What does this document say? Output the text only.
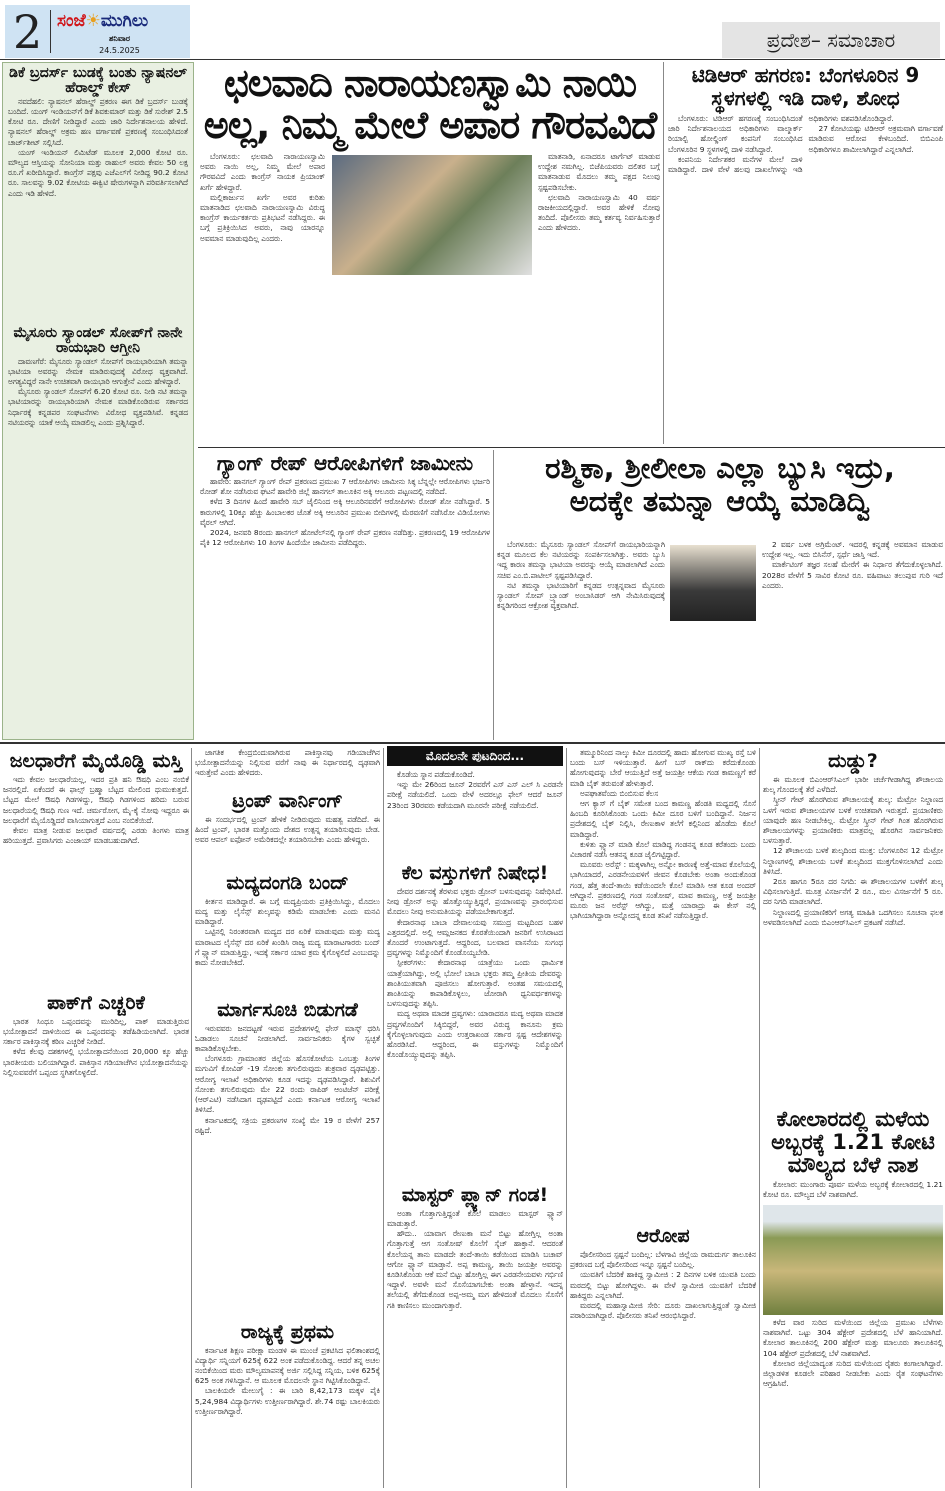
2 ಸಂಜೆ☀ಮುಗಿಲು
ಶನಿವಾರ
24.5.2025	ಪ್ರದೇಶ– ಸಮಾಚಾರ
ಡಿಕೆ ಬ್ರದರ್ಸ್ ಬುಡಕ್ಕೆ ಬಂತು ನ್ಯಾಷನಲ್ ಹೆರಾಲ್ಡ್ ಕೇಸ್

ನವದೆಹಲಿ: ನ್ಯಾಷನಲ್ ಹೆರಾಲ್ಡ್ ಪ್ರಕರಣ ಈಗ ಡಿಕೆ ಬ್ರದರ್ಸ್ ಬುಡಕ್ಕೆ ಬಂದಿದೆ. ಯಂಗ್ ಇಂಡಿಯನ್‌ಗೆ ಡಿಕೆ ಶಿವಕುಮಾರ್ ಮತ್ತು ಡಿಕೆ ಸುರೇಶ್ 2.5 ಕೋಟಿ ರೂ. ದೇಣಿಗೆ ನೀಡಿದ್ದಾರೆ ಎಂದು ಜಾರಿ ನಿರ್ದೇಶನಾಲಯ ಹೇಳಿದೆ. ನ್ಯಾಷನಲ್ ಹೆರಾಲ್ಡ್ ಅಕ್ರಮ ಹಣ ವರ್ಗಾವಣೆ ಪ್ರಕರಣಕ್ಕೆ ಸಂಬಂಧಿಸಿದಂತೆ ಚಾರ್ಜ್‌ಶೀಟ್ ಸಲ್ಲಿಸಿದೆ.

ಯಂಗ್ ಇಂಡಿಯನ್ ಲಿಮಿಟೆಡ್ ಮೂಲಕ 2,000 ಕೋಟಿ ರೂ. ಮೌಲ್ಯದ ಆಸ್ತಿಯನ್ನು ಸೋನಿಯಾ ಮತ್ತು ರಾಹುಲ್ ಅವರು ಕೇವಲ 50 ಲಕ್ಷ ರೂ.ಗೆ ಖರೀದಿಸಿದ್ದಾರೆ. ಕಾಂಗ್ರೆಸ್ ಪಕ್ಷವು ಎಜೆಎಲ್‌ಗೆ ನೀಡಿದ್ದ 90.2 ಕೋಟಿ ರೂ. ಸಾಲವನ್ನು 9.02 ಕೋಟಿಯ ಈಕ್ವಿಟಿ ಷೇರುಗಳನ್ನಾಗಿ ಪರಿವರ್ತಿಸಲಾಗಿದೆ ಎಂದು ಇಡಿ ಹೇಳಿದೆ.

ಮೈಸೂರು ಸ್ಯಾಂಡಲ್ ಸೋಪ್‌ಗೆ ನಾನೇ ರಾಯಭಾರಿ ಆಗ್ತೀನಿ

ದಾವಣಗೆರೆ: ಮೈಸೂರು ಸ್ಯಾಂಡಲ್ ಸೋಪ್‌ಗೆ ರಾಯಭಾರಿಯಾಗಿ ತಮನ್ನಾ ಭಾಟಿಯಾ ಅವರನ್ನು ನೇಮಕ ಮಾಡಿರುವುದಕ್ಕೆ ವಿರೋಧ ವ್ಯಕ್ತವಾಗಿದೆ. ಅಗತ್ಯವಿದ್ದರೆ ನಾನೇ ಉಚಿತವಾಗಿ ರಾಯಭಾರಿ ಆಗುತ್ತೇನೆ ಎಂದು ಹೇಳಿದ್ದಾರೆ.

ಮೈಸೂರು ಸ್ಯಾಂಡಲ್ ಸೋಪ್‌ಗೆ 6.20 ಕೋಟಿ ರೂ. ನೀಡಿ ನಟಿ ತಮನ್ನಾ ಭಾಟಿಯಾರನ್ನು ರಾಯಭಾರಿಯಾಗಿ ನೇಮಕ ಮಾಡಿಕೊಂಡಿರುವ ಸರ್ಕಾರದ ನಿರ್ಧಾರಕ್ಕೆ ಕನ್ನಡಪರ ಸಂಘಟನೆಗಳು ವಿರೋಧ ವ್ಯಕ್ತಪಡಿಸಿವೆ. ಕನ್ನಡದ ನಟಿಯರನ್ನು ಯಾಕೆ ಆಯ್ಕೆ ಮಾಡಲಿಲ್ಲ ಎಂದು ಪ್ರಶ್ನಿಸಿದ್ದಾರೆ.

ಛಲವಾದಿ ನಾರಾಯಣಸ್ವಾಮಿ ನಾಯಿ
ಅಲ್ಲ, ನಿಮ್ಮ ಮೇಲೆ ಅಪಾರ ಗೌರವವಿದೆ

ಬೆಂಗಳೂರು: ಛಲವಾದಿ ನಾರಾಯಣಸ್ವಾಮಿ ಅವರು ನಾಯಿ ಅಲ್ಲ, ನಿಮ್ಮ ಮೇಲೆ ಅಪಾರ ಗೌರವವಿದೆ ಎಂದು ಕಾಂಗ್ರೆಸ್ ನಾಯಕ ಪ್ರಿಯಾಂಕ್ ಖರ್ಗೆ ಹೇಳಿದ್ದಾರೆ.

ಮಲ್ಲಿಕಾರ್ಜುನ ಖರ್ಗೆ ಅವರ ಕುರಿತು ಮಾತನಾಡಿದ ಛಲವಾದಿ ನಾರಾಯಣಸ್ವಾಮಿ ವಿರುದ್ಧ ಕಾಂಗ್ರೆಸ್ ಕಾರ್ಯಕರ್ತರು ಪ್ರತಿಭಟನೆ ನಡೆಸಿದ್ದರು. ಈ ಬಗ್ಗೆ ಪ್ರತಿಕ್ರಿಯಿಸಿದ ಅವರು, ನಾವು ಯಾರನ್ನೂ ಅವಮಾನ ಮಾಡುವುದಿಲ್ಲ ಎಂದರು.

ಮಾತನಾಡಿ, ಏನಾದರೂ ಟಾರ್ಗೆಟ್ ಮಾಡುವ ಉದ್ದೇಶ ನಮಗಿಲ್ಲ. ಬಿಜೆಪಿಯವರು ದಲಿತರ ಬಗ್ಗೆ ಮಾತನಾಡುವ ಮೊದಲು ತಮ್ಮ ಪಕ್ಷದ ನಿಲುವು ಸ್ಪಷ್ಟಪಡಿಸಬೇಕು.

ಛಲವಾದಿ ನಾರಾಯಣಸ್ವಾಮಿ 40 ವರ್ಷ ರಾಜಕೀಯದಲ್ಲಿದ್ದಾರೆ. ಅವರ ಹೇಳಿಕೆ ನೋವು ತಂದಿದೆ. ಪೊಲೀಸರು ತಮ್ಮ ಕರ್ತವ್ಯ ನಿರ್ವಹಿಸುತ್ತಾರೆ ಎಂದು ಹೇಳಿದರು.

ಟಿಡಿಆರ್ ಹಗರಣ: ಬೆಂಗಳೂರಿನ 9 ಸ್ಥಳಗಳಲ್ಲಿ ಇಡಿ ದಾಳಿ, ಶೋಧ

ಬೆಂಗಳೂರು: ಟಿಡಿಆರ್ ಹಗರಣಕ್ಕೆ ಸಂಬಂಧಿಸಿದಂತೆ ಜಾರಿ ನಿರ್ದೇಶನಾಲಯದ ಅಧಿಕಾರಿಗಳು ವಾಲ್ಮಾರ್ಕ್ ರಿಯಾಲ್ಟಿ ಹೋಲ್ಡಿಂಗ್ ಕಂಪನಿಗೆ ಸಂಬಂಧಿಸಿದ ಬೆಂಗಳೂರಿನ 9 ಸ್ಥಳಗಳಲ್ಲಿ ದಾಳಿ ನಡೆಸಿದ್ದಾರೆ.

ಕಂಪನಿಯ ನಿರ್ದೇಶಕರ ಮನೆಗಳ ಮೇಲೆ ದಾಳಿ ಮಾಡಿದ್ದಾರೆ. ದಾಳಿ ವೇಳೆ ಹಲವು ದಾಖಲೆಗಳನ್ನು ಇಡಿ ಅಧಿಕಾರಿಗಳು ವಶಪಡಿಸಿಕೊಂಡಿದ್ದಾರೆ.

27 ಕೋಟಿಯಷ್ಟು ಟಿಡಿಆರ್ ಅಕ್ರಮವಾಗಿ ವರ್ಗಾವಣೆ ಮಾಡಿರುವ ಆರೋಪ ಕೇಳಿಬಂದಿದೆ. ಬಿಬಿಎಂಪಿ ಅಧಿಕಾರಿಗಳೂ ಶಾಮೀಲಾಗಿದ್ದಾರೆ ಎನ್ನಲಾಗಿದೆ.

ಗ್ಯಾಂಗ್ ರೇಪ್ ಆರೋಪಿಗಳಿಗೆ ಜಾಮೀನು

ಹಾವೇರಿ: ಹಾನಗಲ್ ಗ್ಯಾಂಗ್ ರೇಪ್ ಪ್ರಕರಣದ ಪ್ರಮುಖ 7 ಆರೋಪಿಗಳು ಜಾಮೀನು ಸಿಕ್ಕ ಬೆನ್ನಲ್ಲೇ ಆರೋಪಿಗಳು ಭರ್ಜರಿ ರೋಡ್ ಶೋ ನಡೆಸಿರುವ ಘಟನೆ ಹಾವೇರಿ ಜಿಲ್ಲೆ ಹಾನಗಲ್ ತಾಲೂಕಿನ ಅಕ್ಕಿ ಆಲೂರು ಪಟ್ಟಣದಲ್ಲಿ ನಡೆದಿದೆ.

ಕಳೆದ 3 ದಿನಗಳ ಹಿಂದೆ ಹಾವೇರಿ ಸಬ್ ಜೈಲಿನಿಂದ ಅಕ್ಕಿ ಆಲೂರಿನವರೆಗೆ ಆರೋಪಿಗಳು ರೋಡ್ ಶೋ ನಡೆಸಿದ್ದಾರೆ. 5 ಕಾರುಗಳಲ್ಲಿ 10ಕ್ಕೂ ಹೆಚ್ಚು ಹಿಂಬಾಲಕರ ಜೊತೆ ಅಕ್ಕಿ ಆಲೂರಿನ ಪ್ರಮುಖ ಬೀದಿಗಳಲ್ಲಿ ಮೆರವಣಿಗೆ ನಡೆಸಿರೋ ವಿಡಿಯೋಗಳು ವೈರಲ್ ಆಗಿದೆ.

2024, ಜನವರಿ 8ರಂದು ಹಾನಗಲ್ ಹೋಟೆಲ್‌ನಲ್ಲಿ ಗ್ಯಾಂಗ್ ರೇಪ್ ಪ್ರಕರಣ ನಡೆದಿತ್ತು. ಪ್ರಕರಣದಲ್ಲಿ 19 ಆರೋಪಿಗಳ ಪೈಕಿ 12 ಆರೋಪಿಗಳು 10 ತಿಂಗಳ ಹಿಂದೆಯೇ ಜಾಮೀನು ಪಡೆದಿದ್ದರು.

ರಶ್ಮಿಕಾ, ಶ್ರೀಲೀಲಾ ಎಲ್ಲಾ ಬ್ಯುಸಿ ಇದ್ರು,
ಅದಕ್ಕೇ ತಮನ್ನಾ ಆಯ್ಕೆ ಮಾಡಿದ್ವಿ

ಬೆಂಗಳೂರು: ಮೈಸೂರು ಸ್ಯಾಂಡಲ್ ಸೋಪ್‌ಗೆ ರಾಯಭಾರಿಯನ್ನಾಗಿ ಕನ್ನಡ ಮೂಲದ ಕೆಲ ನಟಿಯರನ್ನು ಸಂಪರ್ಕಿಸಲಾಗಿತ್ತು. ಅವರು ಬ್ಯುಸಿ ಇದ್ದ ಕಾರಣ ತಮನ್ನಾ ಭಾಟಿಯಾ ಅವರನ್ನು ಆಯ್ಕೆ ಮಾಡಲಾಗಿದೆ ಎಂದು ಸಚಿವ ಎಂ.ಬಿ.ಪಾಟೀಲ್ ಸ್ಪಷ್ಟಪಡಿಸಿದ್ದಾರೆ.

ನಟಿ ತಮನ್ನಾ ಭಾಟಿಯಾರಿಗೆ ಕನ್ನಡದ ಉತ್ಪನ್ನವಾದ ಮೈಸೂರು ಸ್ಯಾಂಡಲ್ ಸೋಪ್ ಬ್ರ್ಯಾಂಡ್ ಅಂಬಾಸಿಡರ್ ಆಗಿ ನೇಮಿಸಿರುವುದಕ್ಕೆ ಕನ್ನಡಿಗರಿಂದ ಆಕ್ರೋಶ ವ್ಯಕ್ತವಾಗಿದೆ.

2 ವರ್ಷ ಬಳಕ ಅಗ್ರಿಮೆಂಟ್. ಇದರಲ್ಲಿ ಕನ್ನಡಕ್ಕೆ ಅವಮಾನ ಮಾಡುವ ಉದ್ದೇಶ ಇಲ್ಲ. ಇದು ಬಿಸಿನೆಸ್, ಸ್ಪರ್ಧೆ ಜಾಸ್ತಿ ಇದೆ.

ಮಾರ್ಕೆಟಿಂಗ್ ತಜ್ಞರ ಸಲಹೆ ಮೇರೆಗೆ ಈ ನಿರ್ಧಾರ ತೆಗೆದುಕೊಳ್ಳಲಾಗಿದೆ. 2028ರ ವೇಳೆಗೆ 5 ಸಾವಿರ ಕೋಟಿ ರೂ. ವಹಿವಾಟು ತಲುಪುವ ಗುರಿ ಇದೆ ಎಂದರು.

ಜಲಧಾರೆಗೆ ಮೈಯೊಡ್ಡಿ ಮಸ್ತಿ

ಇದು ಕೇವಲ ಜಲಧಾರೆಯಲ್ಲ, ಇದರ ಪ್ರತಿ ಹನಿ ಔಷಧಿ ಎಂಬ ನಂಬಿಕೆ ಜನರಲ್ಲಿದೆ. ಏಕೆಂದರೆ ಈ ಫಾಲ್ಸ್ ಬ್ರಹ್ಮಾ ಬೆಟ್ಟದ ಮೇಲಿಂದ ಧುಮುಕುತ್ತದೆ. ಬೆಟ್ಟದ ಮೇಲೆ ಔಷಧಿ ಗಿಡಗಳಿದ್ದು, ಔಷಧಿ ಗಿಡಗಳಿಂದ ಹರಿದು ಬರುವ ಜಲಧಾರೆಯಲ್ಲಿ ಔಷಧಿ ಗುಣ ಇದೆ. ಚರ್ಮರೋಗ, ಮೈ-ಕೈ ನೋವು ಇದ್ದರೂ ಈ ಜಲಧಾರೆಗೆ ಮೈಯೊಡ್ಡಿದರೆ ವಾಸಿಯಾಗುತ್ತದೆ ಎಂಬ ನಂಬಿಕೆಯಿದೆ.

ಕೇವಲ ಮಾತ್ರ ನೀಡುವ ಜಲಧಾರೆ ವರ್ಷದಲ್ಲಿ ಎರಡು ತಿಂಗಳು ಮಾತ್ರ ಹರಿಯುತ್ತದೆ. ಪ್ರವಾಸಿಗರು ಎಂಜಾಯ್ ಮಾಡಬಹುದಾಗಿದೆ.

ಪಾಕ್‌ಗೆ ಎಚ್ಚರಿಕೆ

ಭಾರತ ಸಿಂಧೂ ಒಪ್ಪಂದವನ್ನು ಮುರಿದಿಲ್ಲ, ಪಾಕ್ ಮಾಡುತ್ತಿರುವ ಭಯೋತ್ಪಾದನೆ ದಾಳಿಯಿಂದ ಈ ಒಪ್ಪಂದವನ್ನು ತಡೆಹಿಡಿಯಲಾಗಿದೆ. ಭಾರತ ಸರ್ಕಾರ ಪಾಕಿಸ್ತಾನಕ್ಕೆ ಕಠಿಣ ಎಚ್ಚರಿಕೆ ನೀಡಿದೆ.

ಕಳೆದ ಕೆಲವು ದಶಕಗಳಲ್ಲಿ ಭಯೋತ್ಪಾದನೆಯಿಂದ 20,000 ಕ್ಕೂ ಹೆಚ್ಚು ಭಾರತೀಯರು ಬಲಿಯಾಗಿದ್ದಾರೆ. ಪಾಕಿಸ್ತಾನ ಗಡಿಯಾಚೆಗಿನ ಭಯೋತ್ಪಾದನೆಯನ್ನು ನಿಲ್ಲಿಸುವವರೆಗೆ ಒಪ್ಪಂದ ಸ್ಥಗಿತಗೊಳ್ಳಲಿದೆ.

ಜಾಗತಿಕ ಕೇಂದ್ರಬಿಂದುವಾಗಿರುವ ಪಾಕಿಸ್ತಾನವು ಗಡಿಯಾಚೆಗಿನ ಭಯೋತ್ಪಾದನೆಯನ್ನು ನಿಲ್ಲಿಸುವ ವರೆಗೆ ನಾವು ಈ ನಿರ್ಧಾರದಲ್ಲಿ ದೃಢವಾಗಿ ಇರುತ್ತೇವೆ ಎಂದು ಹೇಳಿದರು.

ಟ್ರಂಪ್ ವಾರ್ನಿಂಗ್

ಈ ಸಂದರ್ಭದಲ್ಲಿ ಟ್ರಂಪ್ ಹೇಳಿಕೆ ನೀಡಿರುವುದು ಮಹತ್ವ ಪಡೆದಿದೆ. ಈ ಹಿಂದೆ ಟ್ರಂಪ್, ಭಾರತ ಮತ್ತೊಂದು ದೇಶದ ಉತ್ಪನ್ನ ತಯಾರಿಸುವುದು ಬೇಡ. ಅವರ ಆಪಲ್ ಐಫೋನ್ ಅಮೆರಿಕದಲ್ಲೇ ತಯಾರಿಸಬೇಕು ಎಂದು ಹೇಳಿದ್ದರು.

ಮದ್ಯದಂಗಡಿ ಬಂದ್

ಕೀರ್ತನ ಮಾಡಿದ್ದಾರೆ. ಈ ಬಗ್ಗೆ ಮದ್ಯಪ್ರಿಯರು ಪ್ರತಿಕ್ರಿಯಿಸಿದ್ದು, ಮೊದಲು ಮದ್ಯ ಮತ್ತು ಲೈಸೆನ್ಸ್ ಶುಲ್ಕವನ್ನು ಕಡಿಮೆ ಮಾಡಬೇಕು ಎಂದು ಮನವಿ ಮಾಡಿದ್ದಾರೆ.

ಒಟ್ಟಿನಲ್ಲಿ ನಿರಂತರವಾಗಿ ಮದ್ಯದ ದರ ಏರಿಕೆ ಮಾಡುವುದು ಮತ್ತು ಮದ್ಯ ಮಾರಾಟದ ಲೈಸೆನ್ಸ್ ದರ ಏರಿಕೆ ಖಂಡಿಸಿ ರಾಜ್ಯ ಮದ್ಯ ಮಾರಾಟಗಾರರು ಬಂದ್ ಗೆ ಪ್ಲ್ಯಾನ್ ಮಾಡುತ್ತಿದ್ದು, ಇದಕ್ಕೆ ಸರ್ಕಾರ ಯಾವ ಕ್ರಮ ಕೈಗೊಳ್ಳಲಿದೆ ಎಂಬುದನ್ನು ಕಾದು ನೋಡಬೇಕಿದೆ.

ಮಾರ್ಗಸೂಚಿ ಬಿಡುಗಡೆ

ಇರುವವರು ಜನದಟ್ಟಣೆ ಇರುವ ಪ್ರದೇಶಗಳಲ್ಲಿ ಫೇಸ್ ಮಾಸ್ಕ್ ಧರಿಸಿ ಓಡಾಡಲು ಸೂಚನೆ ನೀಡಲಾಗಿದೆ. ಸಾರ್ವಜನಿಕರು ಕೈಗಳ ಸ್ವಚ್ಛತೆ ಕಾಪಾಡಿಕೊಳ್ಳಬೇಕು.

ಬೆಂಗಳೂರು ಗ್ರಾಮಾಂತರ ಜಿಲ್ಲೆಯ ಹೊಸಕೋಟೆಯ ಒಂಬತ್ತು ತಿಂಗಳ ಮಗುವಿಗೆ ಕೋವಿಡ್ -19 ಸೋಂಕು ತಗುಲಿರುವುದು ಶುಕ್ರವಾರ ದೃಢಪಟ್ಟಿತ್ತು. ಆರೋಗ್ಯ ಇಲಾಖೆ ಅಧಿಕಾರಿಗಳು ಕೂಡ ಇದನ್ನು ದೃಢಪಡಿಸಿದ್ದಾರೆ. ಶಿಶುವಿಗೆ ಸೋಂಕು ತಗುಲಿರುವುದು ಮೇ 22 ರಂದು ರಾಪಿಡ್ ಆಂಟಿಜೆನ್ ಪರೀಕ್ಷೆ (ಆರ್‌ಎಟಿ) ನಡೆಸಿದಾಗ ದೃಢಪಟ್ಟಿದೆ ಎಂದು ಕರ್ನಾಟಕ ಆರೋಗ್ಯ ಇಲಾಖೆ ತಿಳಿಸಿದೆ.

ಕರ್ನಾಟಕದಲ್ಲಿ ಸಕ್ರಿಯ ಪ್ರಕರಣಗಳ ಸಂಖ್ಯೆ ಮೇ 19 ರ ವೇಳೆಗೆ 257 ರಷ್ಟಿದೆ.

ರಾಜ್ಯಕ್ಕೆ ಪ್ರಥಮ

ಕರ್ನಾಟಕ ಶಿಕ್ಷಣ ಪರೀಕ್ಷಾ ಮಂಡಳಿ ಈ ಮುಂಚೆ ಪ್ರಕಟಿಸಿದ ಫಲಿತಾಂಶದಲ್ಲಿ ವಿದ್ಯಾರ್ಥಿ ಸನ್ನಿಯಗೆ 625ಕ್ಕೆ 622 ಅಂಕ ಪಡೆದುಕೊಂಡಿದ್ದ. ಆದರೆ ತನ್ನ ಅಚಲ ನಂಬಿಕೆಯಿಂದ ಮರು ಮೌಲ್ಯಮಾಪನಕ್ಕೆ ಅರ್ಜಿ ಸಲ್ಲಿಸಿದ್ದ ಸನ್ನಿಯ, ಬಳಿಕ 625ಕ್ಕೆ 625 ಅಂಕ ಗಳಿಸಿದ್ದಾನೆ. ಆ ಮೂಲಕ ಮೊದಲನೇ ಸ್ಥಾನ ಗಿಟ್ಟಿಸಿಕೊಂಡಿದ್ದಾನೆ.

ಬಾಲಕಿಯರೇ ಮೇಲುಗೈ : ಈ ಬಾರಿ 8,42,173 ಮಕ್ಕಳ ಪೈಕಿ 5,24,984 ವಿದ್ಯಾರ್ಥಿಗಳು ಉತ್ತೀರ್ಣರಾಗಿದ್ದಾರೆ. ಶೇ.74 ರಷ್ಟು ಬಾಲಕಿಯರು ಉತ್ತೀರ್ಣರಾಗಿದ್ದಾರೆ.

ಮೊದಲನೇ ಪುಟದಿಂದ...

ಕೊಡೆಯ ಸ್ನಾನ ಪಡೆದುಕೊಂಡಿದೆ.

ಇನ್ನು ಮೇ 26ರಿಂದ ಜೂನ್ 2ರವರೆಗೆ ಎಸ್ ಎಸ್ ಎಲ್ ಸಿ ಎರಡನೇ ಪರೀಕ್ಷೆ ನಡೆಯಲಿದೆ. ಒಂದು ವೇಳೆ ಅದರಲ್ಲೂ ಫೇಲ್ ಆದರೆ ಜೂನ್ 23ರಿಂದ 30ರವರು ಕಡೆಯದಾಗಿ ಮೂರನೇ ಪರೀಕ್ಷೆ ನಡೆಯಲಿದೆ.

ಕೆಲ ವಸ್ತುಗಳಿಗೆ ನಿಷೇಧ!

ದೇವರ ದರ್ಶನಕ್ಕೆ ತೆರಳುವ ಭಕ್ತರು ಡ್ರೋನ್ ಬಳಸುವುದನ್ನು ನಿಷೇಧಿಸಿದೆ. ನೀವು ಡ್ರೋನ್ ಅನ್ನು ಹೊತ್ತೊಯ್ಯುತ್ತಿದ್ದರೆ, ಪ್ರಯಾಣವನ್ನು ಪ್ರಾರಂಭಿಸುವ ಮೊದಲು ನೀವು ಅನುಮತಿಯನ್ನು ಪಡೆಯಬೇಕಾಗುತ್ತದೆ.

ಕೇದಾರನಾಥ ಬಾಬಾ ದೇವಾಲಯವು ಸಮುದ್ರ ಮಟ್ಟದಿಂದ ಬಹಳ ಎತ್ತರದಲ್ಲಿದೆ. ಅಲ್ಲಿ ಆಮ್ಲಜನಕದ ಕೊರತೆಯಿಂದಾಗಿ ಜನರಿಗೆ ಉಸಿರಾಟದ ತೊಂದರೆ ಉಂಟಾಗುತ್ತದೆ. ಆದ್ದರಿಂದ, ಬಲವಾದ ವಾಸನೆಯ ಸುಗಂಧ ದ್ರವ್ಯಗಳನ್ನು ನಿಮ್ಮೊಂದಿಗೆ ಕೊಂಡೊಯ್ಯಬೇಡಿ.

ಸ್ಪೀಕರ್‌ಗಳು: ಕೇದಾರನಾಥ ಯಾತ್ರೆಯು ಒಂದು ಧಾರ್ಮಿಕ ಯಾತ್ರೆಯಾಗಿದ್ದು, ಅಲ್ಲಿ ಭೋಲೆ ಬಾಬಾ ಭಕ್ತರು ತಮ್ಮ ಪ್ರೀತಿಯ ದೇವರನ್ನು ಶಾಂತಿಯುತವಾಗಿ ಪೂಜಿಸಲು ಹೋಗುತ್ತಾರೆ. ಅಂತಹ ಸಮಯದಲ್ಲಿ ಶಾಂತಿಯನ್ನು ಕಾಪಾಡಿಕೊಳ್ಳಲು, ಜೋರಾಗಿ ಧ್ವನಿವರ್ಧಕಗಳನ್ನು ಬಳಸುವುದನ್ನು ತಪ್ಪಿಸಿ.

ಮದ್ಯ ಅಥವಾ ಮಾದಕ ದ್ರವ್ಯಗಳು: ಯಾರಾದರೂ ಮದ್ಯ ಅಥವಾ ಮಾದಕ ದ್ರವ್ಯಗಳೊಂದಿಗೆ ಸಿಕ್ಕಿಬಿದ್ದರೆ, ಅವರ ವಿರುದ್ಧ ಕಾನೂನು ಕ್ರಮ ಕೈಗೊಳ್ಳಲಾಗುವುದು ಎಂದು ಉತ್ತರಾಖಂಡ ಸರ್ಕಾರ ಸ್ಪಷ್ಟ ಆದೇಶಗಳನ್ನು ಹೊರಡಿಸಿದೆ. ಆದ್ದರಿಂದ, ಈ ವಸ್ತುಗಳನ್ನು ನಿಮ್ಮೊಂದಿಗೆ ಕೊಂಡೊಯ್ಯುವುದನ್ನು ತಪ್ಪಿಸಿ.

ಮಾಸ್ಟರ್ ಪ್ಲ್ಯಾನ್ ಗಂಡ!

ಅಂತಾ ಗೊತ್ತಾಗುತ್ತಿದ್ದಂತೆ ಕೊಲೆ ಮಾಡಲು ಮಾಸ್ಟರ್ ಪ್ಲ್ಯಾನ್ ಮಾಡುತ್ತಾರೆ.

ಹೌದು.. ಯಾವಾಗ ರೇಣುಕಾ ಮನೆ ಬಿಟ್ಟು ಹೋಗ್ತಿಲ್ಲ ಅಂತಾ ಗೊತ್ತಾಗುತ್ತೆ ಆಗ ಸಂತೋಷ್ ಕೊಲೆಗೆ ಸ್ಕೆಚ್ ಹಾಕ್ತಾನೆ. ಆದರಂತೆ ಕೊಲೆಯನ್ನ ತಾನು ಮಾಡದೇ ತಂದೆ-ತಾಯಿ ಕಡೆಯಿಂದ ಮಾಡಿಸಿ ಬಚಾವ್ ಆಗೋ ಪ್ಲ್ಯಾನ್ ಮಾಡ್ತಾನೆ. ಅಪ್ಪ ಕಾಮಣ್ಣ, ತಾಯಿ ಜಯಶ್ರೀ ಅವರನ್ನು ಕೂಡಿಸಿಕೊಂಡು ಆಕೆ ಮನೆ ಬಿಟ್ಟು ಹೋಗ್ತಿಲ್ಲ ಈಗ ಎರಡನೇಯವಳು ಗರ್ಭಿಣಿ ಇದ್ದಾಳೆ. ಅವಳೇ ಮನೆ ಸೊಸೆಯಾಗಬೇಕು ಅಂತಾ ಹೇಳ್ತಾನೆ. ಇದನ್ನ ತಲೆಯಲ್ಲಿ ತೆಗೆದುಕೊಂಡ ಅಪ್ಪ-ಅಮ್ಮ ಮಗ ಹೇಳಿದಂತೆ ಮೊದಲು ಸೊಸೆಗೆ ಗತಿ ಕಾಣಿಸಲು ಮುಂದಾಗುತ್ತಾರೆ.

ತಮ್ಮೂರಿನಿಂದ ನಾಲ್ಕು ಕಿಮೀ ದೂರದಲ್ಲಿ ಹಾದು ಹೋಗುವ ಮುಖ್ಯ ರಸ್ತೆ ಬಳಿ ಬಂದು ಬಸ್ ಇಳಿಯುತ್ತಾರೆ. ಹೀಗೆ ಬಸ್ ರಾಕ್‌ದು ಕರೆದುಕೊಂಡು ಹೋಗುವುದನ್ನು ಬೇರೆ ಆಯುತ್ತಿದೆ ಅತ್ತೆ ಜಯಶ್ರೀ ಆಕೆಯ ಗಂಡ ಕಾಮಣ್ಣಗೆ ಕರೆ ಮಾಡಿ ಬೈಕ್ ತರುವಂತೆ ಹೇಳುತ್ತಾರೆ.

ಅಪಘಾತವೆಂದು ಬಿಂಬಿಸುವ ಕೆಲಸ

ಆಗ ಕ್ಯಾಸ್ ಗೆ ಬೈಕ್ ಸಮೇತ ಬಂದ ಕಾಮಣ್ಣ ಹೆಂಡತಿ ಮಧ್ಯದಲ್ಲಿ ಸೊಸೆ ಹಿಂಬದಿ ಕೂರಿಸಿಕೊಂಡು ಒಂದು ಕಿಮೀ ದೂರ ಬಳಿಗೆ ಬಂದಿದ್ದಾನೆ. ನಿರ್ಜನ ಪ್ರದೇಶದಲ್ಲಿ ಬೈಕ್ ನಿಲ್ಲಿಸಿ, ರೇಣುಕಾಳ ತಲೆಗೆ ಕಲ್ಲಿನಿಂದ ಹೊಡೆದು ಕೊಲೆ ಮಾಡಿದ್ದಾರೆ.

ಕುಳಿತು ಪ್ಲ್ಯಾನ್ ಮಾಡಿ ಕೊಲೆ ಮಾಡಿದ್ದ ಗಂಡನನ್ನ ಕೂಡ ಕರೆತಂದು ಬಂದು ವಿಚಾರಣೆ ನಡೆಸಿ ಆತನನ್ನ ಕೂಡ ಜೈಲಿಗಟ್ಟಿದ್ದಾರೆ.

ಮೂವರು ಅರೆಸ್ಟ್ : ಮಕ್ಕಳಾಗಿಲ್ಲ ಅನ್ನೋ ಕಾರಣಕ್ಕೆ ಅತ್ತೆ-ಮಾವ ಕೊಲೆಯಲ್ಲಿ ಭಾಗಿಯಾದರೆ, ಎರಡನೇಯವಳಿಗೆ ಜೀವನ ಕೊಡಬೇಕು ಅಂತಾ ಅಂದುಕೊಂಡ ಗಂಡ, ಹೆತ್ತ ತಂದೆ-ತಾಯಿ ಕಡೆಯಿಂದಲೇ ಕೊಲೆ ಮಾಡಿಸಿ ಆತ ಕೂಡ ಅಂದರ್ ಆಗಿದ್ದಾನೆ. ಪ್ರಕರಣದಲ್ಲಿ ಗಂಡ ಸಂತೋಷ್, ಮಾವ ಕಾಮಣ್ಣ, ಅತ್ತೆ ಜಯಶ್ರೀ ಮೂರು ಜನ ಅರೆಸ್ಟ್ ಆಗಿದ್ದು, ಮತ್ತೆ ಯಾರಾದ್ರು ಈ ಕೇಸ್ ನಲ್ಲಿ ಭಾಗಿಯಾಗಿದ್ದಾರಾ ಅನ್ನೋದನ್ನ ಕೂಡ ತನಿಖೆ ನಡೆಸುತ್ತಿದ್ದಾರೆ.

ಆರೋಪ

ಪೊಲೀಸರಿಂದ ಸ್ಪಷ್ಟನೆ ಬಂದಿಲ್ಲ: ಬೆಳಗಾವಿ ಜಿಲ್ಲೆಯ ರಾಮದುರ್ಗ ತಾಲೂಕಿನ ಪ್ರಕರಣದ ಬಗ್ಗೆ ಪೊಲೀಸರಿಂದ ಇನ್ನೂ ಸ್ಪಷ್ಟನೆ ಬಂದಿಲ್ಲ.

ಯುವತಿಗೆ ಬೆದರಿಕೆ ಹಾಕಿದ್ದ ಸ್ವಾಮೀಜಿ : 2 ದಿನಗಳ ಬಳಿಕ ಯುವತಿ ಬಂದು ಮಠದಲ್ಲಿ ಬಿಟ್ಟು ಹೋಗಿದ್ದಳು. ಈ ವೇಳೆ ಸ್ವಾಮೀಜಿ ಯುವತಿಗೆ ಬೆದರಿಕೆ ಹಾಕಿದ್ದರು ಎನ್ನಲಾಗಿದೆ.

ಮಠದಲ್ಲಿ ಮಹಾಸ್ವಾಮೀಜಿ ಸೇರಿ: ದೂರು ದಾಖಲಾಗುತ್ತಿದ್ದಂತೆ ಸ್ವಾಮೀಜಿ ಪರಾರಿಯಾಗಿದ್ದಾರೆ. ಪೊಲೀಸರು ತನಿಖೆ ಆರಂಭಿಸಿದ್ದಾರೆ.

ದುಡ್ಡು?

ಈ ಮೂಲಕ ಬಿಎಂಆರ್‌ಸಿಎಲ್ ಭಾರೀ ಚರ್ಚೆಗೀಡಾಗಿದ್ದ ಶೌಚಾಲಯ ಶುಲ್ಕ ಗೊಂದಲಕ್ಕೆ ತೆರೆ ಎಳೆದಿದೆ.

ಸ್ಕ್ರೀನ್ ಗೇಟ್ ಹೊರಗಿರುವ ಶೌಚಾಲಯಕ್ಕೆ ಶುಲ್ಕ: ಮೆಟ್ರೋ ನಿಲ್ದಾಣದ ಒಳಗೆ ಇರುವ ಶೌಚಾಲಯಗಳ ಬಳಕೆ ಉಚಿತವಾಗಿ ಇರುತ್ತದೆ. ಪ್ರಯಾಣಿಕರು ಯಾವುದೇ ಹಣ ನೀಡಬೇಕಿಲ್ಲ. ಮೆಟ್ರೋ ಸ್ಕ್ರೀನ್ ಗೇಟ್ ಗಿಂತ ಹೊರಗಿರುವ ಶೌಚಾಲಯಗಳನ್ನು ಪ್ರಯಾಣಿಕರು ಮಾತ್ರವಲ್ಲ ಹೊರಗಿನ ಸಾರ್ವಜನಿಕರು ಬಳಸುತ್ತಾರೆ.

12 ಶೌಚಾಲಯ ಬಳಕೆ ಶುಲ್ಕದಿಂದ ಮುಕ್ತ: ಬೆಂಗಳೂರಿನ 12 ಮೆಟ್ರೋ ನಿಲ್ದಾಣಗಳಲ್ಲಿ ಶೌಚಾಲಯ ಬಳಕೆ ಶುಲ್ಕದಿಂದ ಮುಕ್ತಗೊಳಿಸಲಾಗಿದೆ ಎಂದು ತಿಳಿಸಿದೆ.

2ರೂ ಹಾಗೂ 5ರೂ ದರ ನಿಗದಿ: ಈ ಶೌಚಾಲಯಗಳ ಬಳಕೆಗೆ ಶುಲ್ಕ ವಿಧಿಸಲಾಗುತ್ತಿದೆ. ಮೂತ್ರ ವಿಸರ್ಜನೆಗೆ 2 ರೂ., ಮಲ ವಿಸರ್ಜನೆಗೆ 5 ರೂ. ದರ ನಿಗದಿ ಮಾಡಲಾಗಿದೆ.

ನಿಲ್ದಾಣದಲ್ಲಿ ಪ್ರಯಾಣಿಕರಿಗೆ ಅಗತ್ಯ ಮಾಹಿತಿ ಒದಗಿಸಲು ಸೂಚನಾ ಫಲಕ ಅಳವಡಿಸಲಾಗಿದೆ ಎಂದು ಬಿಎಂಆರ್‌ಸಿಎಲ್ ಪ್ರಕಟಣೆ ನಡೆಸಿದೆ.

ಕೋಲಾರದಲ್ಲಿ ಮಳೆಯ ಅಬ್ಬರಕ್ಕೆ 1.21 ಕೋಟಿ ಮೌಲ್ಯದ ಬೆಳೆ ನಾಶ

ಕೋಲಾರ: ಮುಂಗಾರು ಪೂರ್ವ ಮಳೆಯ ಅಬ್ಬರಕ್ಕೆ ಕೋಲಾರದಲ್ಲಿ 1.21 ಕೋಟಿ ರೂ. ಮೌಲ್ಯದ ಬೆಳೆ ನಾಶವಾಗಿದೆ.

ಕಳೆದ ವಾರ ಸುರಿದ ಮಳೆಯಿಂದ ಜಿಲ್ಲೆಯ ಪ್ರಮುಖ ಬೆಳೆಗಳು ನಾಶವಾಗಿವೆ. ಒಟ್ಟು 304 ಹೆಕ್ಟೇರ್ ಪ್ರದೇಶದಲ್ಲಿ ಬೆಳೆ ಹಾನಿಯಾಗಿದೆ. ಕೋಲಾರ ತಾಲೂಕಿನಲ್ಲಿ 200 ಹೆಕ್ಟೇರ್ ಮತ್ತು ಮಾಲೂರು ತಾಲೂಕಿನಲ್ಲಿ 104 ಹೆಕ್ಟೇರ್ ಪ್ರದೇಶದಲ್ಲಿ ಬೆಳೆ ನಾಶವಾಗಿದೆ.

ಕೋಲಾರ ಜಿಲ್ಲೆಯಾದ್ಯಂತ ಸುರಿದ ಮಳೆಯಿಂದ ರೈತರು ಕಂಗಾಲಾಗಿದ್ದಾರೆ. ಜಿಲ್ಲಾಡಳಿತ ಕೂಡಲೇ ಪರಿಹಾರ ನೀಡಬೇಕು ಎಂದು ರೈತ ಸಂಘಟನೆಗಳು ಆಗ್ರಹಿಸಿವೆ.
